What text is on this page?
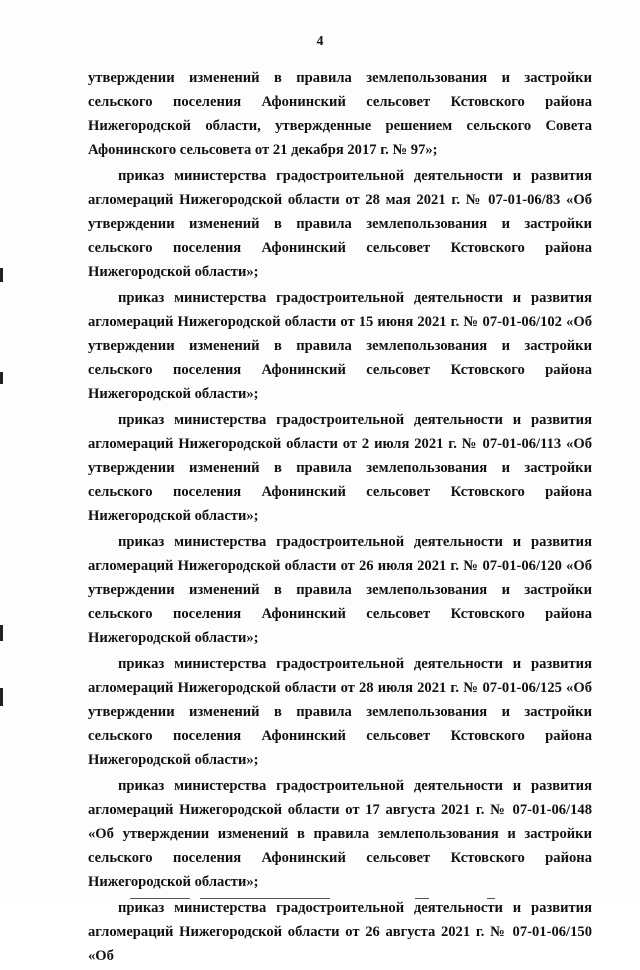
4

утверждении изменений в правила землепользования и застройки сельского поселения Афонинский сельсовет Кстовского района Нижегородской области, утвержденные решением сельского Совета Афонинского сельсовета от 21 декабря 2017 г. № 97»;

приказ министерства градостроительной деятельности и развития агломераций Нижегородской области от 28 мая 2021 г. № 07-01-06/83 «Об утверждении изменений в правила землепользования и застройки сельского поселения Афонинский сельсовет Кстовского района Нижегородской области»;

приказ министерства градостроительной деятельности и развития агломераций Нижегородской области от 15 июня 2021 г. № 07-01-06/102 «Об утверждении изменений в правила землепользования и застройки сельского поселения Афонинский сельсовет Кстовского района Нижегородской области»;

приказ министерства градостроительной деятельности и развития агломераций Нижегородской области от 2 июля 2021 г. № 07-01-06/113 «Об утверждении изменений в правила землепользования и застройки сельского поселения Афонинский сельсовет Кстовского района Нижегородской области»;

приказ министерства градостроительной деятельности и развития агломераций Нижегородской области от 26 июля 2021 г. № 07-01-06/120 «Об утверждении изменений в правила землепользования и застройки сельского поселения Афонинский сельсовет Кстовского района Нижегородской области»;

приказ министерства градостроительной деятельности и развития агломераций Нижегородской области от 28 июля 2021 г. № 07-01-06/125 «Об утверждении изменений в правила землепользования и застройки сельского поселения Афонинский сельсовет Кстовского района Нижегородской области»;

приказ министерства градостроительной деятельности и развития агломераций Нижегородской области от 17 августа 2021 г. № 07-01-06/148 «Об утверждении изменений в правила землепользования и застройки сельского поселения Афонинский сельсовет Кстовского района Нижегородской области»;

приказ министерства градостроительной деятельности и развития агломераций Нижегородской области от 26 августа 2021 г. № 07-01-06/150 «Об
